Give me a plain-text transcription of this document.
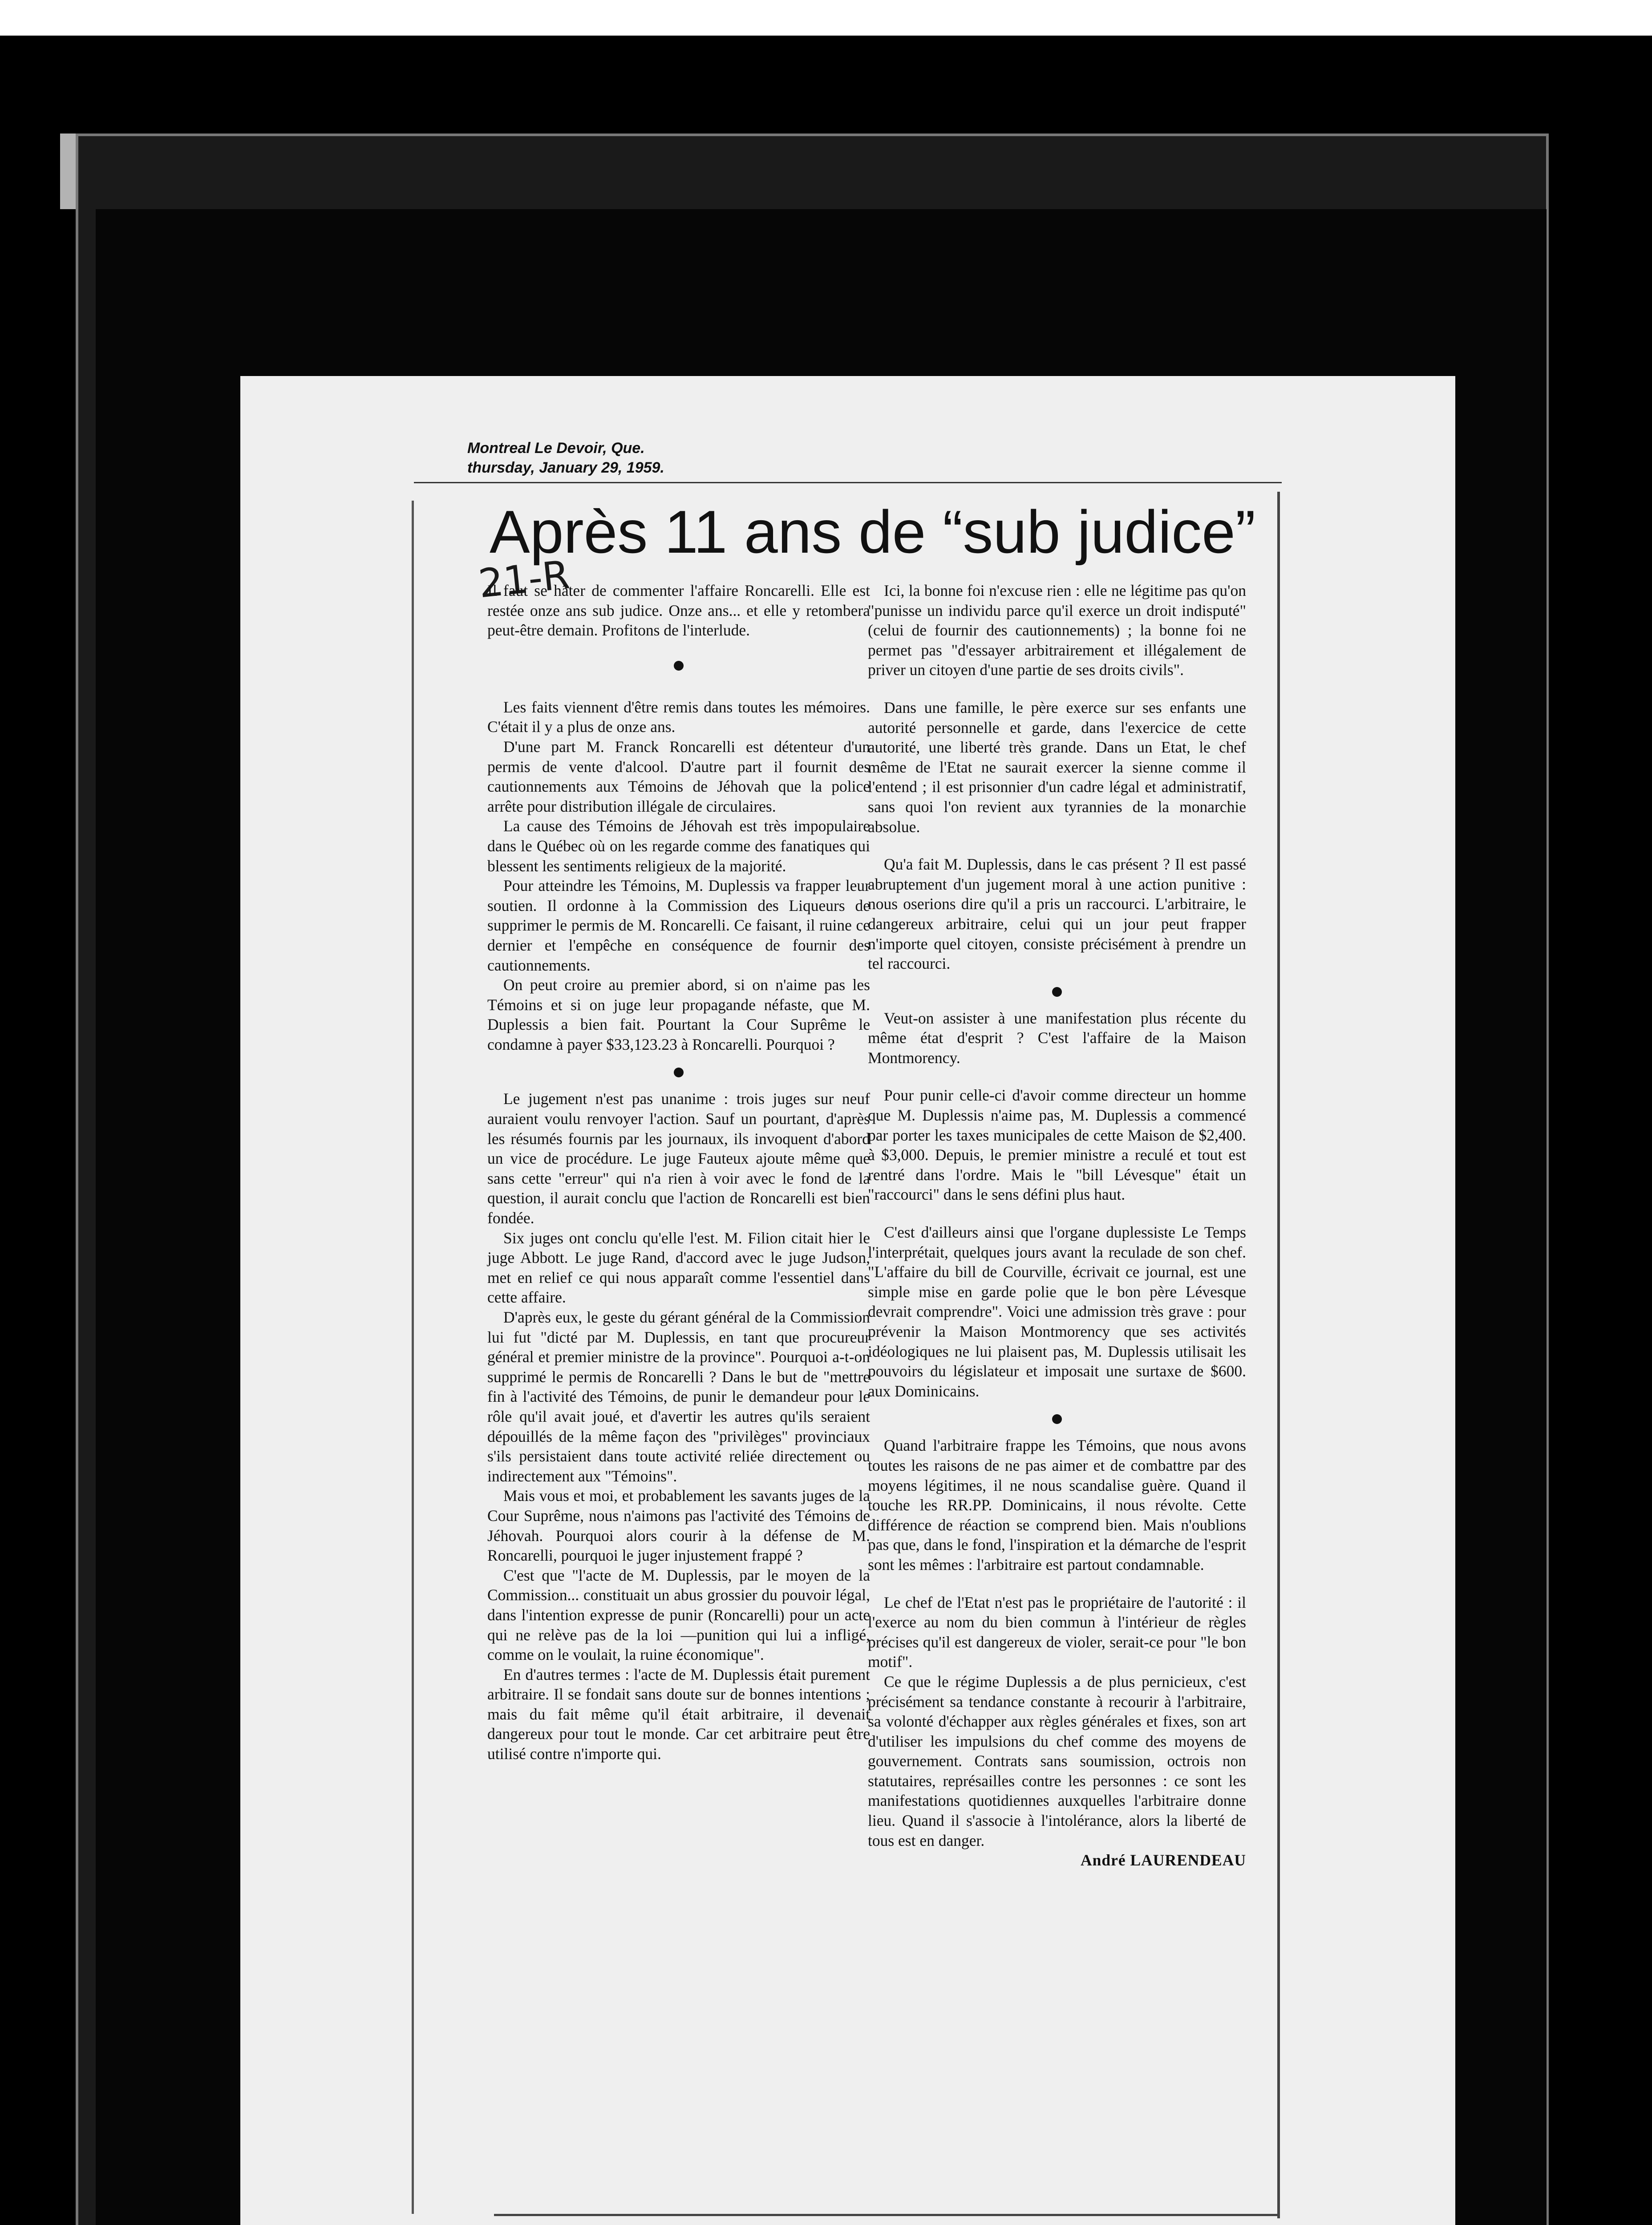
Montreal Le Devoir, Que.
thursday, January 29, 1959.
Après 11 ans de “sub judice”
21-R

Il faut se hâter de commenter l'affaire Roncarelli. Elle est restée onze ans sub judice. Onze ans... et elle y retombera peut-être demain. Profitons de l'interlude.

Les faits viennent d'être remis dans toutes les mémoires. C'était il y a plus de onze ans.

D'une part M. Franck Roncarelli est détenteur d'un permis de vente d'alcool. D'autre part il fournit des cautionnements aux Témoins de Jéhovah que la police arrête pour distribution illégale de circulaires.

La cause des Témoins de Jéhovah est très impopulaire dans le Québec où on les regarde comme des fanatiques qui blessent les sentiments religieux de la majorité.

Pour atteindre les Témoins, M. Duplessis va frapper leur soutien. Il ordonne à la Commission des Liqueurs de supprimer le permis de M. Roncarelli. Ce faisant, il ruine ce dernier et l'empêche en conséquence de fournir des cautionnements.

On peut croire au premier abord, si on n'aime pas les Témoins et si on juge leur propagande néfaste, que M. Duplessis a bien fait. Pourtant la Cour Suprême le condamne à payer $33,123.23 à Roncarelli. Pourquoi ?

Le jugement n'est pas unanime : trois juges sur neuf auraient voulu renvoyer l'action. Sauf un pourtant, d'après les résumés fournis par les journaux, ils invoquent d'abord un vice de procédure. Le juge Fauteux ajoute même que sans cette "erreur" qui n'a rien à voir avec le fond de la question, il aurait conclu que l'action de Roncarelli est bien fondée.

Six juges ont conclu qu'elle l'est. M. Filion citait hier le juge Abbott. Le juge Rand, d'accord avec le juge Judson, met en relief ce qui nous apparaît comme l'essentiel dans cette affaire.

D'après eux, le geste du gérant général de la Commission lui fut "dicté par M. Duplessis, en tant que procureur général et premier ministre de la province". Pourquoi a-t-on supprimé le permis de Roncarelli ? Dans le but de "mettre fin à l'activité des Témoins, de punir le demandeur pour le rôle qu'il avait joué, et d'avertir les autres qu'ils seraient dépouillés de la même façon des "privilèges" provinciaux s'ils persistaient dans toute activité reliée directement ou indirectement aux "Témoins".

Mais vous et moi, et probablement les savants juges de la Cour Suprême, nous n'aimons pas l'activité des Témoins de Jéhovah. Pourquoi alors courir à la défense de M. Roncarelli, pourquoi le juger injustement frappé ?

C'est que "l'acte de M. Duplessis, par le moyen de la Commission... constituait un abus grossier du pouvoir légal, dans l'intention expresse de punir (Roncarelli) pour un acte qui ne relève pas de la loi —punition qui lui a infligé, comme on le voulait, la ruine économique".

En d'autres termes : l'acte de M. Duplessis était purement arbitraire. Il se fondait sans doute sur de bonnes intentions ; mais du fait même qu'il était arbitraire, il devenait dangereux pour tout le monde. Car cet arbitraire peut être utilisé contre n'importe qui.

Ici, la bonne foi n'excuse rien : elle ne légitime pas qu'on "punisse un individu parce qu'il exerce un droit indisputé" (celui de fournir des cautionnements) ; la bonne foi ne permet pas "d'essayer arbitrairement et illégalement de priver un citoyen d'une partie de ses droits civils".

Dans une famille, le père exerce sur ses enfants une autorité personnelle et garde, dans l'exercice de cette autorité, une liberté très grande. Dans un Etat, le chef même de l'Etat ne saurait exercer la sienne comme il l'entend ; il est prisonnier d'un cadre légal et administratif, sans quoi l'on revient aux tyrannies de la monarchie absolue.

Qu'a fait M. Duplessis, dans le cas présent ? Il est passé abruptement d'un jugement moral à une action punitive : nous oserions dire qu'il a pris un raccourci. L'arbitraire, le dangereux arbitraire, celui qui un jour peut frapper n'importe quel citoyen, consiste précisément à prendre un tel raccourci.

Veut-on assister à une manifestation plus récente du même état d'esprit ? C'est l'affaire de la Maison Montmorency.

Pour punir celle-ci d'avoir comme directeur un homme que M. Duplessis n'aime pas, M. Duplessis a commencé par porter les taxes municipales de cette Maison de $2,400. à $3,000. Depuis, le premier ministre a reculé et tout est rentré dans l'ordre. Mais le "bill Lévesque" était un "raccourci" dans le sens défini plus haut.

C'est d'ailleurs ainsi que l'organe duplessiste Le Temps l'interprétait, quelques jours avant la reculade de son chef. "L'affaire du bill de Courville, écrivait ce journal, est une simple mise en garde polie que le bon père Lévesque devrait comprendre". Voici une admission très grave : pour prévenir la Maison Montmorency que ses activités idéologiques ne lui plaisent pas, M. Duplessis utilisait les pouvoirs du législateur et imposait une surtaxe de $600. aux Dominicains.

Quand l'arbitraire frappe les Témoins, que nous avons toutes les raisons de ne pas aimer et de combattre par des moyens légitimes, il ne nous scandalise guère. Quand il touche les RR.PP. Dominicains, il nous révolte. Cette différence de réaction se comprend bien. Mais n'oublions pas que, dans le fond, l'inspiration et la démarche de l'esprit sont les mêmes : l'arbitraire est partout condamnable.

Le chef de l'Etat n'est pas le propriétaire de l'autorité : il l'exerce au nom du bien commun à l'intérieur de règles précises qu'il est dangereux de violer, serait-ce pour "le bon motif".

Ce que le régime Duplessis a de plus pernicieux, c'est précisément sa tendance constante à recourir à l'arbitraire, sa volonté d'échapper aux règles générales et fixes, son art d'utiliser les impulsions du chef comme des moyens de gouvernement. Contrats sans soumission, octrois non statutaires, représailles contre les personnes : ce sont les manifestations quotidiennes auxquelles l'arbitraire donne lieu. Quand il s'associe à l'intolérance, alors la liberté de tous est en danger.

André LAURENDEAU
